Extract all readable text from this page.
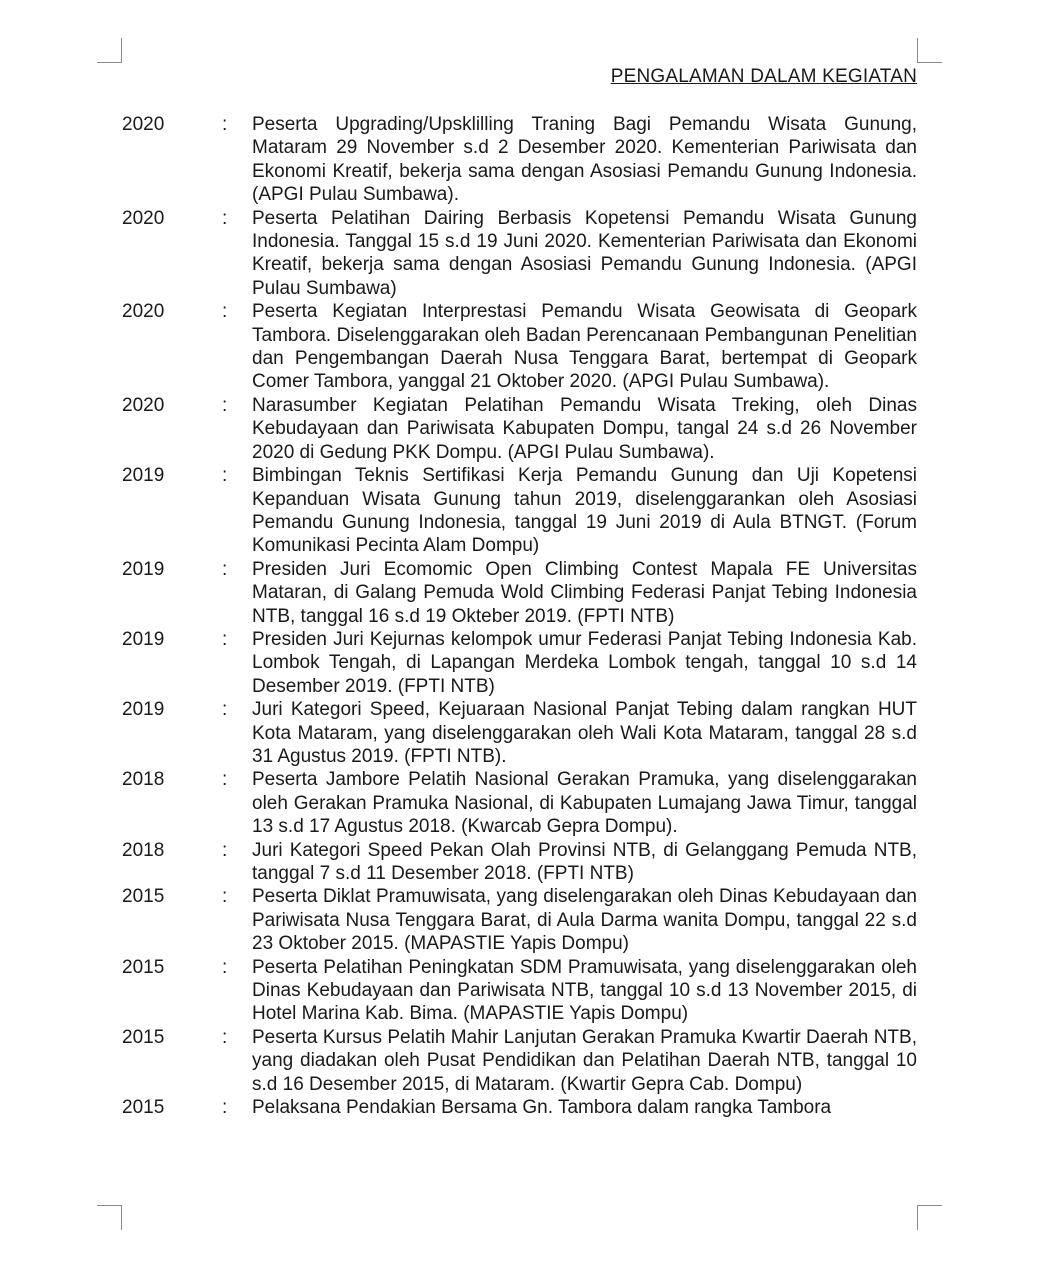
PENGALAMAN DALAM KEGIATAN
2020	:	Peserta Upgrading/Upsklilling Traning Bagi Pemandu Wisata Gunung, Mataram 29 November s.d 2 Desember 2020. Kementerian Pariwisata dan Ekonomi Kreatif, bekerja sama dengan Asosiasi Pemandu Gunung Indonesia. (APGI Pulau Sumbawa).
2020	:	Peserta Pelatihan Dairing Berbasis Kopetensi Pemandu Wisata Gunung Indonesia. Tanggal 15 s.d 19 Juni 2020. Kementerian Pariwisata dan Ekonomi Kreatif, bekerja sama dengan Asosiasi Pemandu Gunung Indonesia. (APGI Pulau Sumbawa)
2020	:	Peserta Kegiatan Interprestasi Pemandu Wisata Geowisata di Geopark Tambora. Diselenggarakan oleh Badan Perencanaan Pembangunan Penelitian dan Pengembangan Daerah Nusa Tenggara Barat, bertempat di Geopark Comer Tambora, yanggal 21 Oktober 2020. (APGI Pulau Sumbawa).
2020	:	Narasumber Kegiatan Pelatihan Pemandu Wisata Treking, oleh Dinas Kebudayaan dan Pariwisata Kabupaten Dompu, tangal 24 s.d 26 November 2020 di Gedung PKK Dompu. (APGI Pulau Sumbawa).
2019	:	Bimbingan Teknis Sertifikasi Kerja Pemandu Gunung dan Uji Kopetensi Kepanduan Wisata Gunung tahun 2019, diselenggarankan oleh Asosiasi Pemandu Gunung Indonesia, tanggal 19 Juni 2019 di Aula BTNGT. (Forum Komunikasi Pecinta Alam Dompu)
2019	:	Presiden Juri Ecomomic Open Climbing Contest Mapala FE Universitas Mataran, di Galang Pemuda Wold Climbing Federasi Panjat Tebing Indonesia NTB, tanggal 16 s.d 19 Okteber 2019. (FPTI NTB)
2019	:	Presiden Juri Kejurnas kelompok umur Federasi Panjat Tebing Indonesia Kab. Lombok Tengah, di Lapangan Merdeka Lombok tengah, tanggal 10 s.d 14 Desember 2019. (FPTI NTB)
2019	:	Juri Kategori Speed, Kejuaraan Nasional Panjat Tebing dalam rangkan HUT Kota Mataram, yang diselenggarakan oleh Wali Kota Mataram, tanggal 28 s.d 31 Agustus 2019. (FPTI NTB).
2018	:	Peserta Jambore Pelatih Nasional Gerakan Pramuka, yang diselenggarakan oleh Gerakan Pramuka Nasional, di Kabupaten Lumajang Jawa Timur, tanggal 13 s.d 17 Agustus 2018. (Kwarcab Gepra Dompu).
2018	:	Juri Kategori Speed Pekan Olah Provinsi NTB, di Gelanggang Pemuda NTB, tanggal 7 s.d 11 Desember 2018. (FPTI NTB)
2015	:	Peserta Diklat Pramuwisata, yang diselengarakan oleh Dinas Kebudayaan dan Pariwisata Nusa Tenggara Barat, di Aula Darma wanita Dompu, tanggal 22 s.d 23 Oktober 2015. (MAPASTIE Yapis Dompu)
2015	:	Peserta Pelatihan Peningkatan SDM Pramuwisata, yang diselenggarakan oleh Dinas Kebudayaan dan Pariwisata NTB, tanggal 10 s.d 13 November 2015, di Hotel Marina Kab. Bima. (MAPASTIE Yapis Dompu)
2015	:	Peserta Kursus Pelatih Mahir Lanjutan Gerakan Pramuka Kwartir Daerah NTB, yang diadakan oleh Pusat Pendidikan dan Pelatihan Daerah NTB, tanggal 10 s.d 16 Desember 2015, di Mataram. (Kwartir Gepra Cab. Dompu)
2015	:	Pelaksana Pendakian Bersama Gn. Tambora dalam rangka Tambora
